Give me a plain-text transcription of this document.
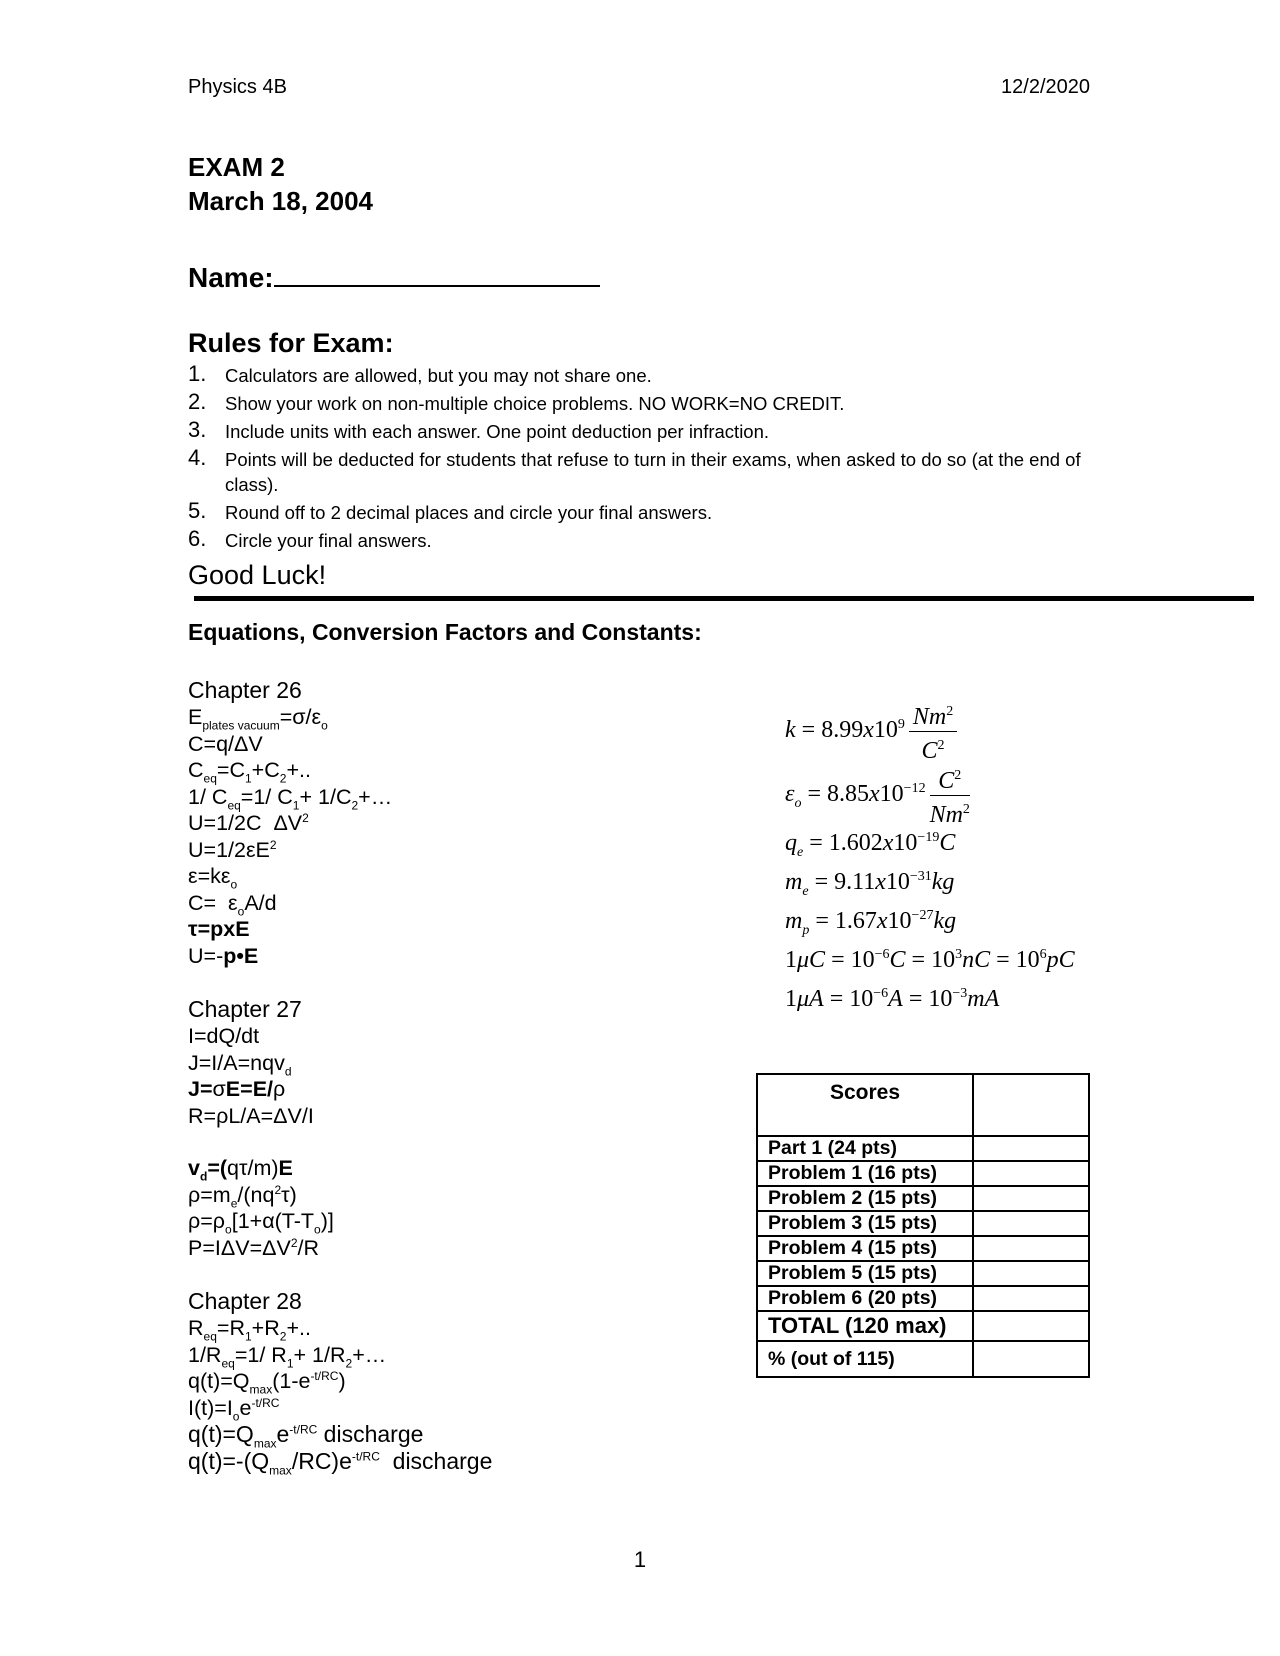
Physics 4B	12/2/2020
EXAM 2
March 18, 2004
Name:
Rules for Exam:
1. Calculators are allowed, but you may not share one.
2. Show your work on non-multiple choice problems. NO WORK=NO CREDIT.
3. Include units with each answer. One point deduction per infraction.
4. Points will be deducted for students that refuse to turn in their exams, when asked to do so (at the end of class).
5. Round off to 2 decimal places and circle your final answers.
6. Circle your final answers.
Good Luck!
Equations, Conversion Factors and Constants:
Chapter 26
$E_{plates vacuum}=\sigma/\varepsilon_o$
C=q/ΔV
$C_{eq}=C_1+C_2+$..
1/ $C_{eq}=1/$ $C_1+$ $1/C_2+\dots$
U=1/2C  $\Delta V^2$
$U=1/2\varepsilon E^2$
$\varepsilon=k\varepsilon_o$
$C= \varepsilon_oA/d$
τ=pxE
U=-p•E
Chapter 27
I=dQ/dt
J=I/A=nqv$_d$
J=σE=E/ρ
R=ρL/A=ΔV/I
$v_d=(q\tau/m)E$
$\rho=m_e/(nq^2\tau)$
$\rho=\rho_o[1+\alpha(T-T_o)]$
$P=I\Delta V=\Delta V^2/R$
Chapter 28
$R_{eq}=R_1+R_2+$..
$1/R_{eq}=1/$ $R_1+$ $1/R_2+\dots$
$q(t)=Q_{max}(1-e^{-t/RC})$
$I(t)=I_oe^{-t/RC}$
$q(t)=Q_{max}e^{-t/RC}$ discharge
$q(t)=-(Q_{max}/RC)e^{-t/RC}$  discharge
$k = 8.99x10^9 \frac{Nm^2}{C^2}$
$\varepsilon_o = 8.85x10^{-12} \frac{C^2}{Nm^2}$
$q_e = 1.602x10^{-19}C$
$m_e = 9.11x10^{-31}kg$
$m_p = 1.67x10^{-27}kg$
$1\mu C = 10^{-6}C = 10^3nC = 10^6pC$
$1\mu A = 10^{-6}A = 10^{-3}mA$
Scores	
Part 1 (24 pts)	
Problem 1 (16 pts)	
Problem 2 (15 pts)	
Problem 3 (15 pts)	
Problem 4 (15 pts)	
Problem 5 (15 pts)	
Problem 6 (20 pts)	
TOTAL (120 max)	
% (out of 115)	
1
